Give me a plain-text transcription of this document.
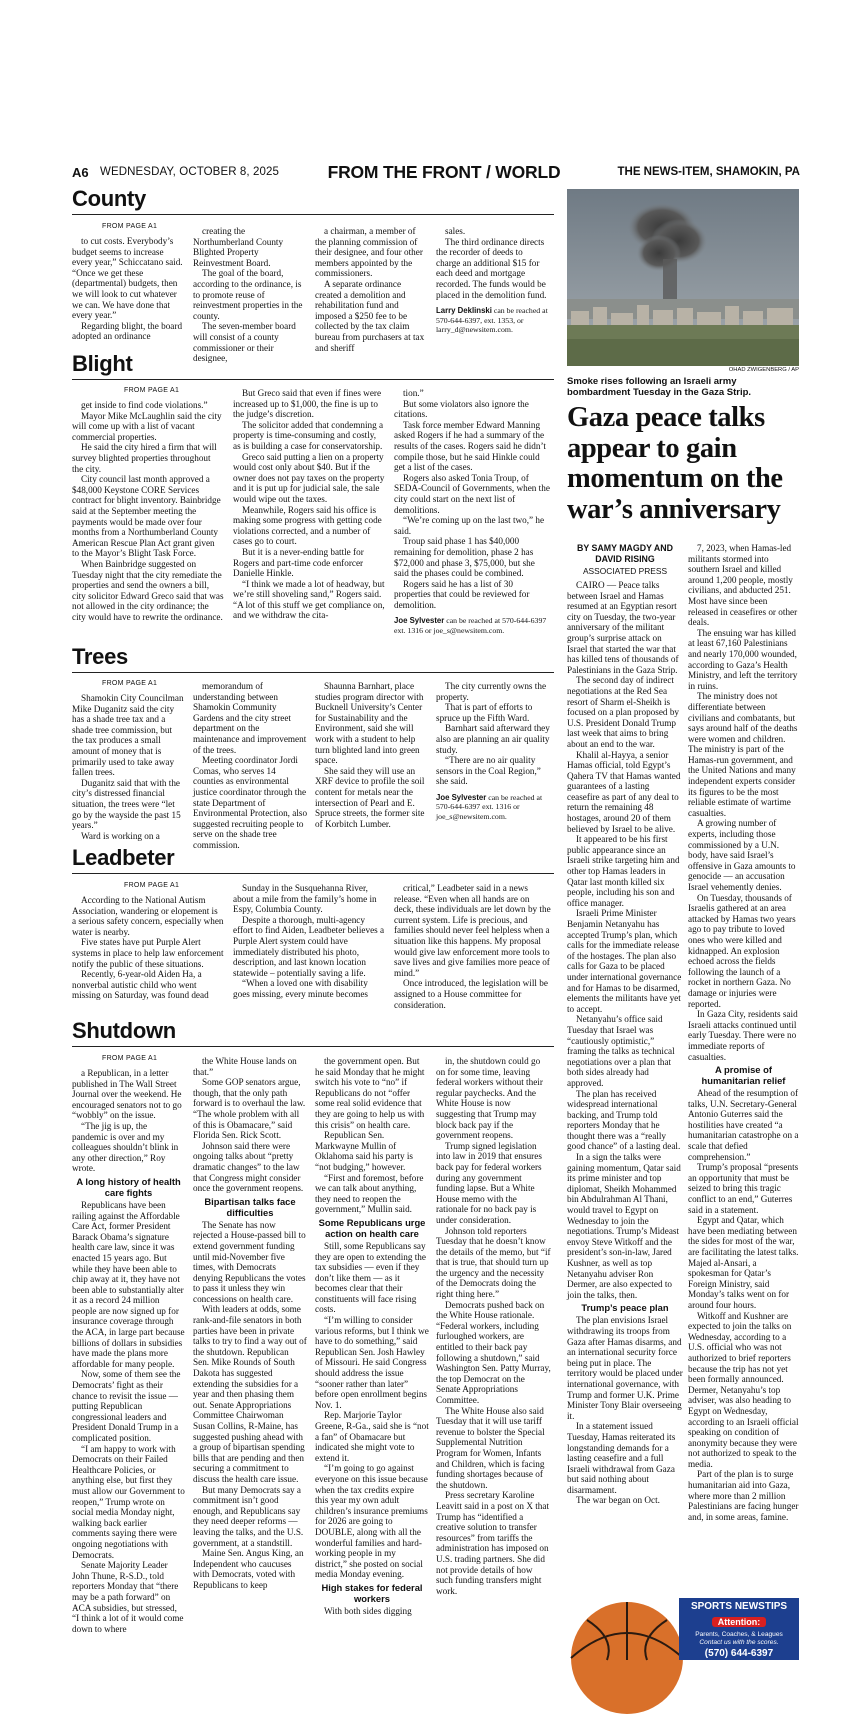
A6 WEDNESDAY, OCTOBER 8, 2025	FROM THE FRONT / WORLD	THE NEWS-ITEM, SHAMOKIN, PA
County
FROM PAGE A1

to cut costs. Everybody’s budget seems to increase every year,” Schiccatano said. “Once we get these (departmental) budgets, then we will look to cut whatever we can. We have done that every year.”

Regarding blight, the board adopted an ordinance

creating the Northumberland County Blighted Property Reinvestment Board.

The goal of the board, according to the ordinance, is to promote reuse of reinvestment properties in the county.

The seven-member board will consist of a county commissioner or their designee,

a chairman, a member of the planning commission of their designee, and four other members appointed by the commissioners.

A separate ordinance created a demolition and rehabilitation fund and imposed a $250 fee to be collected by the tax claim bureau from purchasers at tax and sheriff

sales.

The third ordinance directs the recorder of deeds to charge an additional $15 for each deed and mortgage recorded. The funds would be placed in the demolition fund.

Larry Deklinski can be reached at 570-644-6397, ext. 1353, or larry_d@newsitem.com.

Blight
FROM PAGE A1

get inside to find code violations.”

Mayor Mike McLaughlin said the city will come up with a list of vacant commercial properties.

He said the city hired a firm that will survey blighted properties throughout the city.

City council last month approved a $48,000 Keystone CORE Services contract for blight inventory. Bainbridge said at the September meeting the payments would be made over four months from a Northumberland County American Rescue Plan Act grant given to the Mayor’s Blight Task Force.

When Bainbridge suggested on Tuesday night that the city remediate the properties and send the owners a bill, city solicitor Edward Greco said that was not allowed in the city ordinance; the city would have to rewrite the ordinance.

But Greco said that even if fines were increased up to $1,000, the fine is up to the judge’s discretion.

The solicitor added that condemning a property is time-consuming and costly, as is building a case for conservatorship.

Greco said putting a lien on a property would cost only about $40. But if the owner does not pay taxes on the property and it is put up for judicial sale, the sale would wipe out the taxes.

Meanwhile, Rogers said his office is making some progress with getting code violations corrected, and a number of cases go to court.

But it is a never-ending battle for Rogers and part-time code enforcer Danielle Hinkle.

“I think we made a lot of headway, but we’re still shoveling sand,” Rogers said. “A lot of this stuff we get compliance on, and we withdraw the cita-

tion.”

But some violators also ignore the citations.

Task force member Edward Manning asked Rogers if he had a summary of the results of the cases. Rogers said he didn’t compile those, but he said Hinkle could get a list of the cases.

Rogers also asked Tonia Troup, of SEDA-Council of Governments, when the city could start on the next list of demolitions.

“We’re coming up on the last two,” he said.

Troup said phase 1 has $40,000 remaining for demolition, phase 2 has $72,000 and phase 3, $75,000, but she said the phases could be combined.

Rogers said he has a list of 30 properties that could be reviewed for demolition.

Joe Sylvester can be reached at 570-644-6397 ext. 1316 or joe_s@newsitem.com.

Trees
FROM PAGE A1

Shamokin City Councilman Mike Duganitz said the city has a shade tree tax and a shade tree commission, but the tax produces a small amount of money that is primarily used to take away fallen trees.

Duganitz said that with the city’s distressed financial situation, the trees were “let go by the wayside the past 15 years.”

Ward is working on a

memorandum of understanding between Shamokin Community Gardens and the city street department on the maintenance and improvement of the trees.

Meeting coordinator Jordi Comas, who serves 14 counties as environmental justice coordinator through the state Department of Environmental Protection, also suggested recruiting people to serve on the shade tree commission.

Shaunna Barnhart, place studies program director with Bucknell University’s Center for Sustainability and the Environment, said she will work with a student to help turn blighted land into green space.

She said they will use an XRF device to profile the soil content for metals near the intersection of Pearl and E. Spruce streets, the former site of Korbitch Lumber.

The city currently owns the property.

That is part of efforts to spruce up the Fifth Ward.

Barnhart said afterward they also are planning an air quality study.

“There are no air quality sensors in the Coal Region,” she said.

Joe Sylvester can be reached at 570-644-6397 ext. 1316 or joe_s@newsitem.com.

Leadbeter
FROM PAGE A1

According to the National Autism Association, wandering or elopement is a serious safety concern, especially when water is nearby.

Five states have put Purple Alert systems in place to help law enforcement notify the public of these situations.

Recently, 6-year-old Aiden Ha, a nonverbal autistic child who went missing on Saturday, was found dead

Sunday in the Susquehanna River, about a mile from the family’s home in Espy, Columbia County.

Despite a thorough, multi-agency effort to find Aiden, Leadbeter believes a Purple Alert system could have immediately distributed his photo, description, and last known location statewide – potentially saving a life.

“When a loved one with disability goes missing, every minute becomes

critical,” Leadbeter said in a news release. “Even when all hands are on deck, these individuals are let down by the current system. Life is precious, and families should never feel helpless when a situation like this happens. My proposal would give law enforcement more tools to save lives and give families more peace of mind.”

Once introduced, the legislation will be assigned to a House committee for consideration.

Shutdown
FROM PAGE A1

a Republican, in a letter published in The Wall Street Journal over the weekend. He encouraged senators not to go “wobbly” on the issue.

“The jig is up, the pandemic is over and my colleagues shouldn’t blink in any other direction,” Roy wrote.

A long history of health care fights

Republicans have been railing against the Affordable Care Act, former President Barack Obama’s signature health care law, since it was enacted 15 years ago. But while they have been able to chip away at it, they have not been able to substantially alter it as a record 24 million people are now signed up for insurance coverage through the ACA, in large part because billions of dollars in subsidies have made the plans more affordable for many people.

Now, some of them see the Democrats’ fight as their chance to revisit the issue — putting Republican congressional leaders and President Donald Trump in a complicated position.

“I am happy to work with Democrats on their Failed Healthcare Policies, or anything else, but first they must allow our Government to reopen,” Trump wrote on social media Monday night, walking back earlier comments saying there were ongoing negotiations with Democrats.

Senate Majority Leader John Thune, R-S.D., told reporters Monday that “there may be a path forward” on ACA subsidies, but stressed, “I think a lot of it would come down to where

the White House lands on that.”

Some GOP senators argue, though, that the only path forward is to overhaul the law. “The whole problem with all of this is Obamacare,” said Florida Sen. Rick Scott.

Johnson said there were ongoing talks about “pretty dramatic changes” to the law that Congress might consider once the government reopens.

Bipartisan talks face difficulties

The Senate has now rejected a House-passed bill to extend government funding until mid-November five times, with Democrats denying Republicans the votes to pass it unless they win concessions on health care.

With leaders at odds, some rank-and-file senators in both parties have been in private talks to try to find a way out of the shutdown. Republican Sen. Mike Rounds of South Dakota has suggested extending the subsidies for a year and then phasing them out. Senate Appropriations Committee Chairwoman Susan Collins, R-Maine, has suggested pushing ahead with a group of bipartisan spending bills that are pending and then securing a commitment to discuss the health care issue.

But many Democrats say a commitment isn’t good enough, and Republicans say they need deeper reforms — leaving the talks, and the U.S. government, at a standstill.

Maine Sen. Angus King, an Independent who caucuses with Democrats, voted with Republicans to keep

the government open. But he said Monday that he might switch his vote to “no” if Republicans do not “offer some real solid evidence that they are going to help us with this crisis” on health care.

Republican Sen. Markwayne Mullin of Oklahoma said his party is “not budging,” however.

“First and foremost, before we can talk about anything, they need to reopen the government,” Mullin said.

Some Republicans urge action on health care

Still, some Republicans say they are open to extending the tax subsidies — even if they don’t like them — as it becomes clear that their constituents will face rising costs.

“I’m willing to consider various reforms, but I think we have to do something,” said Republican Sen. Josh Hawley of Missouri. He said Congress should address the issue “sooner rather than later” before open enrollment begins Nov. 1.

Rep. Marjorie Taylor Greene, R-Ga., said she is “not a fan” of Obamacare but indicated she might vote to extend it.

“I’m going to go against everyone on this issue because when the tax credits expire this year my own adult children’s insurance premiums for 2026 are going to DOUBLE, along with all the wonderful families and hard-working people in my district,” she posted on social media Monday evening.

High stakes for federal workers

With both sides digging

in, the shutdown could go on for some time, leaving federal workers without their regular paychecks. And the White House is now suggesting that Trump may block back pay if the government reopens.

Trump signed legislation into law in 2019 that ensures back pay for federal workers during any government funding lapse. But a White House memo with the rationale for no back pay is under consideration.

Johnson told reporters Tuesday that he doesn’t know the details of the memo, but “if that is true, that should turn up the urgency and the necessity of the Democrats doing the right thing here.”

Democrats pushed back on the White House rationale. “Federal workers, including furloughed workers, are entitled to their back pay following a shutdown,” said Washington Sen. Patty Murray, the top Democrat on the Senate Appropriations Committee.

The White House also said Tuesday that it will use tariff revenue to bolster the Special Supplemental Nutrition Program for Women, Infants and Children, which is facing funding shortages because of the shutdown.

Press secretary Karoline Leavitt said in a post on X that Trump has “identified a creative solution to transfer resources” from tariffs the administration has imposed on U.S. trading partners. She did not provide details of how such funding transfers might work.

OHAD ZWIGENBERG / AP
Smoke rises following an Israeli army bombardment Tuesday in the Gaza Strip.
Gaza peace talks appear to gain momentum on the war’s anniversary
BY SAMY MAGDY AND DAVID RISING
ASSOCIATED PRESS

CAIRO — Peace talks between Israel and Hamas resumed at an Egyptian resort city on Tuesday, the two-year anniversary of the militant group’s surprise attack on Israel that started the war that has killed tens of thousands of Palestinians in the Gaza Strip.

The second day of indirect negotiations at the Red Sea resort of Sharm el-Sheikh is focused on a plan proposed by U.S. President Donald Trump last week that aims to bring about an end to the war.

Khalil al-Hayya, a senior Hamas official, told Egypt’s Qahera TV that Hamas wanted guarantees of a lasting ceasefire as part of any deal to return the remaining 48 hostages, around 20 of them believed by Israel to be alive.

It appeared to be his first public appearance since an Israeli strike targeting him and other top Hamas leaders in Qatar last month killed six people, including his son and office manager.

Israeli Prime Minister Benjamin Netanyahu has accepted Trump’s plan, which calls for the immediate release of the hostages. The plan also calls for Gaza to be placed under international governance and for Hamas to be disarmed, elements the militants have yet to accept.

Netanyahu’s office said Tuesday that Israel was “cautiously optimistic,” framing the talks as technical negotiations over a plan that both sides already had approved.

The plan has received widespread international backing, and Trump told reporters Monday that he thought there was a “really good chance” of a lasting deal.

In a sign the talks were gaining momentum, Qatar said its prime minister and top diplomat, Sheikh Mohammed bin Abdulrahman Al Thani, would travel to Egypt on Wednesday to join the negotiations. Trump’s Mideast envoy Steve Witkoff and the president’s son-in-law, Jared Kushner, as well as top Netanyahu adviser Ron Dermer, are also expected to join the talks, then.

Trump’s peace plan

The plan envisions Israel withdrawing its troops from Gaza after Hamas disarms, and an international security force being put in place. The territory would be placed under international governance, with Trump and former U.K. Prime Minister Tony Blair overseeing it.

In a statement issued Tuesday, Hamas reiterated its longstanding demands for a lasting ceasefire and a full Israeli withdrawal from Gaza but said nothing about disarmament.

The war began on Oct.

7, 2023, when Hamas-led militants stormed into southern Israel and killed around 1,200 people, mostly civilians, and abducted 251. Most have since been released in ceasefires or other deals.

The ensuing war has killed at least 67,160 Palestinians and nearly 170,000 wounded, according to Gaza’s Health Ministry, and left the territory in ruins.

The ministry does not differentiate between civilians and combatants, but says around half of the deaths were women and children. The ministry is part of the Hamas-run government, and the United Nations and many independent experts consider its figures to be the most reliable estimate of wartime casualties.

A growing number of experts, including those commissioned by a U.N. body, have said Israel’s offensive in Gaza amounts to genocide — an accusation Israel vehemently denies.

On Tuesday, thousands of Israelis gathered at an area attacked by Hamas two years ago to pay tribute to loved ones who were killed and kidnapped. An explosion echoed across the fields following the launch of a rocket in northern Gaza. No damage or injuries were reported.

In Gaza City, residents said Israeli attacks continued until early Tuesday. There were no immediate reports of casualties.

A promise of humanitarian relief

Ahead of the resumption of talks, U.N. Secretary-General Antonio Guterres said the hostilities have created “a humanitarian catastrophe on a scale that defied comprehension.”

Trump’s proposal “presents an opportunity that must be seized to bring this tragic conflict to an end,” Guterres said in a statement.

Egypt and Qatar, which have been mediating between the sides for most of the war, are facilitating the latest talks. Majed al-Ansari, a spokesman for Qatar’s Foreign Ministry, said Monday’s talks went on for around four hours.

Witkoff and Kushner are expected to join the talks on Wednesday, according to a U.S. official who was not authorized to brief reporters because the trip has not yet been formally announced. Dermer, Netanyahu’s top adviser, was also heading to Egypt on Wednesday, according to an Israeli official speaking on condition of anonymity because they were not authorized to speak to the media.

Part of the plan is to surge humanitarian aid into Gaza, where more than 2 million Palestinians are facing hunger and, in some areas, famine.

SPORTS NEWSTIPS
Attention:
Parents, Coaches, & Leagues
Contact us with the scores.
(570) 644-6397
